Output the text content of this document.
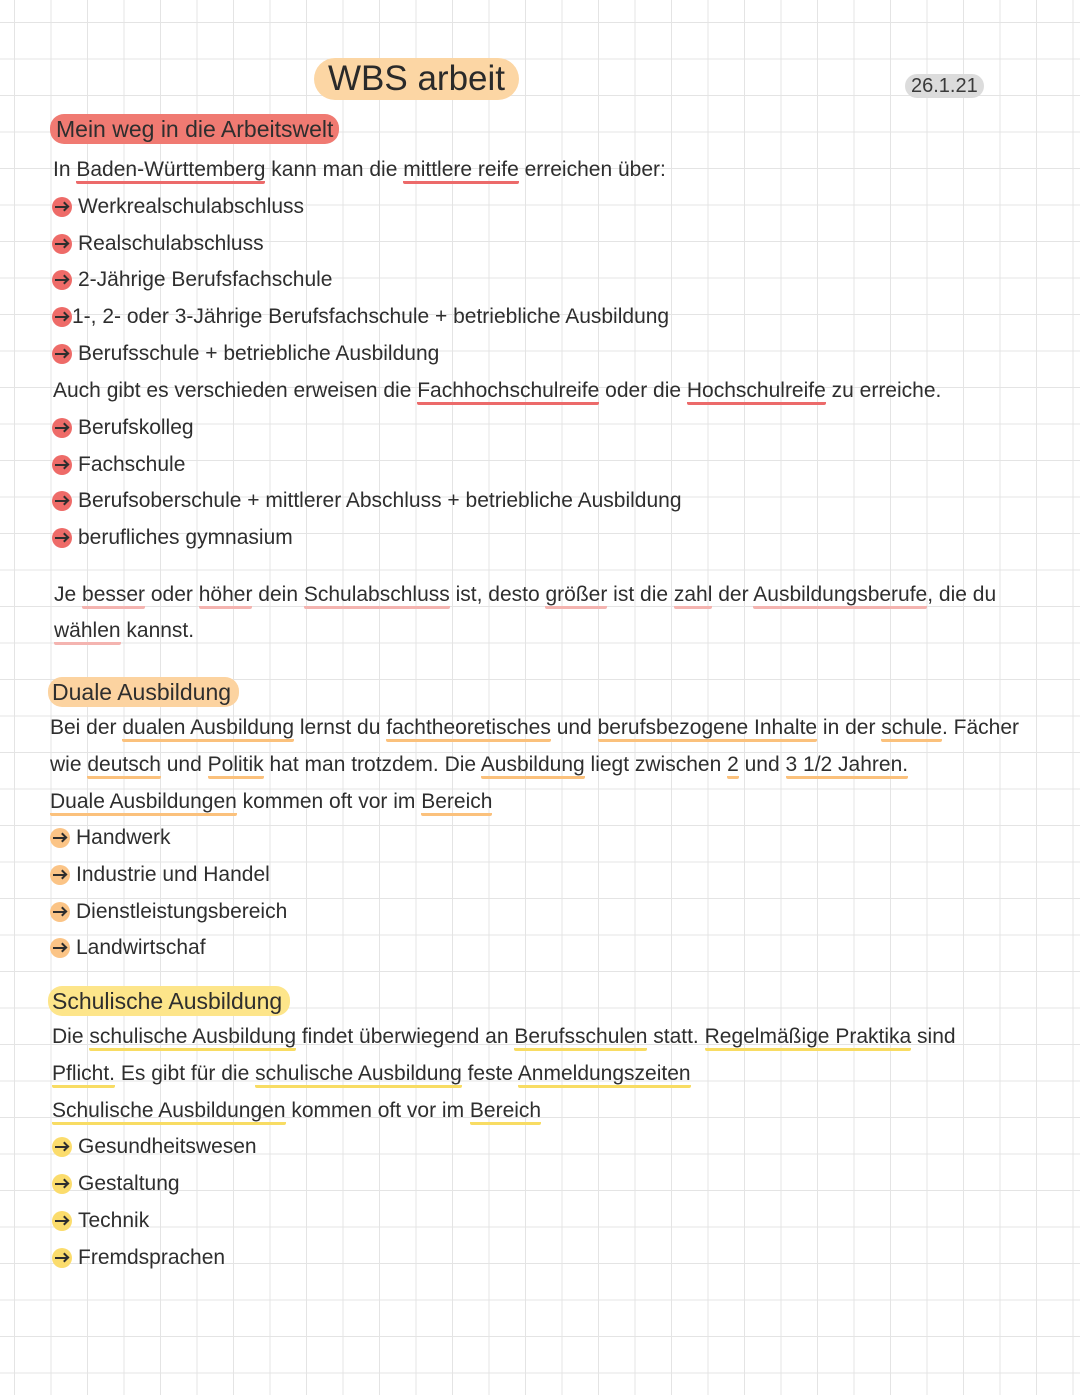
WBS arbeit	26.1.21
Mein weg in die Arbeitswelt
In Baden-Württemberg kann man die mittlere reife erreichen über:
Werkrealschulabschluss
Realschulabschluss
2-Jährige Berufsfachschule
1-, 2- oder 3-Jährige Berufsfachschule + betriebliche Ausbildung
Berufsschule + betriebliche Ausbildung
Auch gibt es verschieden erweisen die Fachhochschulreife oder die Hochschulreife zu erreiche.
Berufskolleg
Fachschule
Berufsoberschule + mittlerer Abschluss + betriebliche Ausbildung
berufliches gymnasium
Je besser oder höher dein Schulabschluss ist, desto größer ist die zahl der Ausbildungsberufe, die du
wählen kannst.
Duale Ausbildung
Bei der dualen Ausbildung lernst du fachtheoretisches und berufsbezogene Inhalte in der schule. Fächer
wie deutsch und Politik hat man trotzdem. Die Ausbildung liegt zwischen 2 und 3 1/2 Jahren.
Duale Ausbildungen kommen oft vor im Bereich
Handwerk
Industrie und Handel
Dienstleistungsbereich
Landwirtschaf
Schulische Ausbildung
Die schulische Ausbildung findet überwiegend an Berufsschulen statt. Regelmäßige Praktika sind
Pflicht. Es gibt für die schulische Ausbildung feste Anmeldungszeiten
Schulische Ausbildungen kommen oft vor im Bereich
Gesundheitswesen
Gestaltung
Technik
Fremdsprachen
